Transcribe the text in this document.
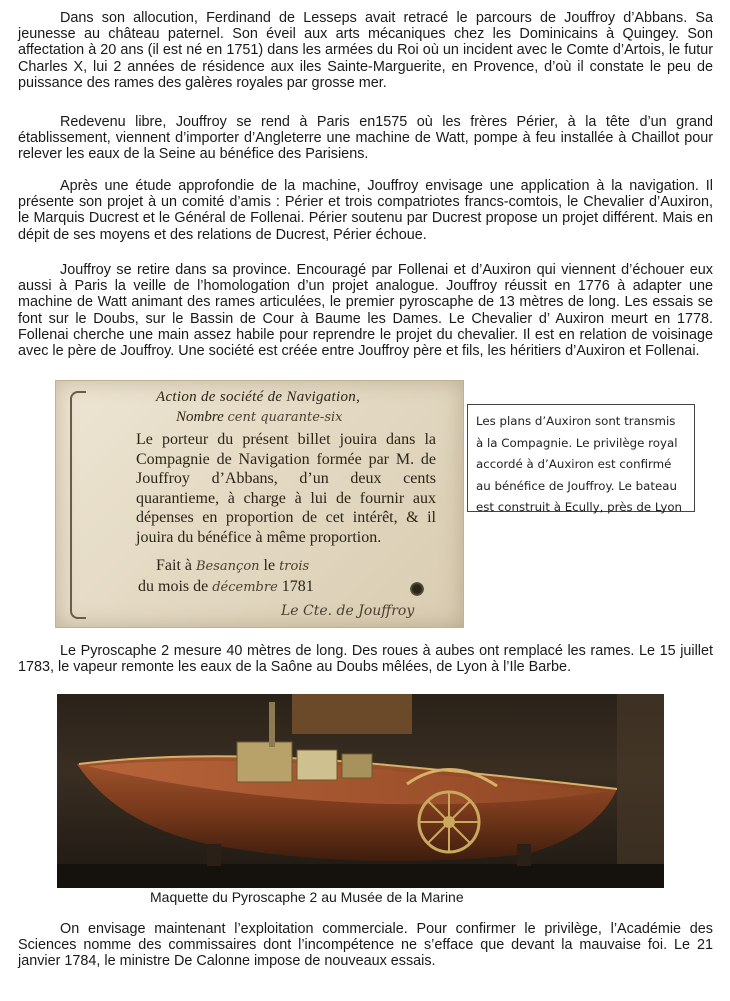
Dans son allocution, Ferdinand de Lesseps avait retracé le parcours de Jouffroy d’Abbans. Sa jeunesse au château paternel. Son éveil aux arts mécaniques chez les Dominicains à Quingey. Son affectation à 20 ans (il est né en 1751) dans les armées du Roi où un incident avec le Comte d’Artois, le futur Charles X, lui 2 années de résidence aux iles Sainte-Marguerite, en Provence, d’où il constate le peu de puissance des rames des galères royales par grosse mer.

Redevenu libre, Jouffroy se rend à Paris en1575 où les frères Périer, à la tête d’un grand établissement, viennent d’importer d’Angleterre une machine de Watt, pompe à feu installée à Chaillot pour relever les eaux de la Seine au bénéfice des Parisiens.

Après une étude approfondie de la machine, Jouffroy envisage une application à la navigation. Il présente son projet à un comité d’amis : Périer et trois compatriotes francs-comtois, le Chevalier d’Auxiron, le Marquis Ducrest et le Général de Follenai. Périer soutenu par Ducrest propose un projet différent. Mais en dépit de ses moyens et des relations de Ducrest, Périer échoue.

Jouffroy se retire dans sa province. Encouragé par Follenai et d’Auxiron qui viennent d’échouer eux aussi à Paris la veille de l’homologation d’un projet analogue. Jouffroy réussit en 1776 à adapter une machine de Watt animant des rames articulées, le premier pyroscaphe de 13 mètres de long. Les essais se font sur le Doubs, sur le Bassin de Cour à Baume les Dames. Le Chevalier d’ Auxiron meurt en 1778. Follenai cherche une main assez habile pour reprendre le projet du chevalier. Il est en relation de voisinage avec le père de Jouffroy. Une société est créée entre Jouffroy père et fils, les héritiers d’Auxiron et Follenai.

Action de société de Navigation,
Nombre cent quarante-six
Le porteur du présent billet jouira dans la Compagnie de Navigation formée par M. de Jouffroy d’Abbans, d’un deux cents quarantieme, à charge à lui de fournir aux dépenses en proportion de cet intérêt, & il jouira du bénéfice à même proportion.
Fait à Besançon le trois
du mois de décembre 1781
Le Cte. de Jouffroy
Les plans d’Auxiron sont transmis à la Compagnie. Le privilège royal accordé à d’Auxiron est confirmé au bénéfice de Jouffroy. Le bateau est construit à Ecully, près de Lyon

Le Pyroscaphe 2 mesure 40 mètres de long. Des roues à aubes ont remplacé les rames. Le 15 juillet 1783, le vapeur remonte les eaux de la Saône au Doubs mêlées, de Lyon à l’Ile Barbe.

Maquette du Pyroscaphe 2 au Musée de la Marine

On envisage maintenant l’exploitation commerciale. Pour confirmer le privilège, l’Académie des Sciences nomme des commissaires dont l’incompétence ne s’efface que devant la mauvaise foi. Le 21 janvier 1784, le ministre De Calonne impose de nouveaux essais.
